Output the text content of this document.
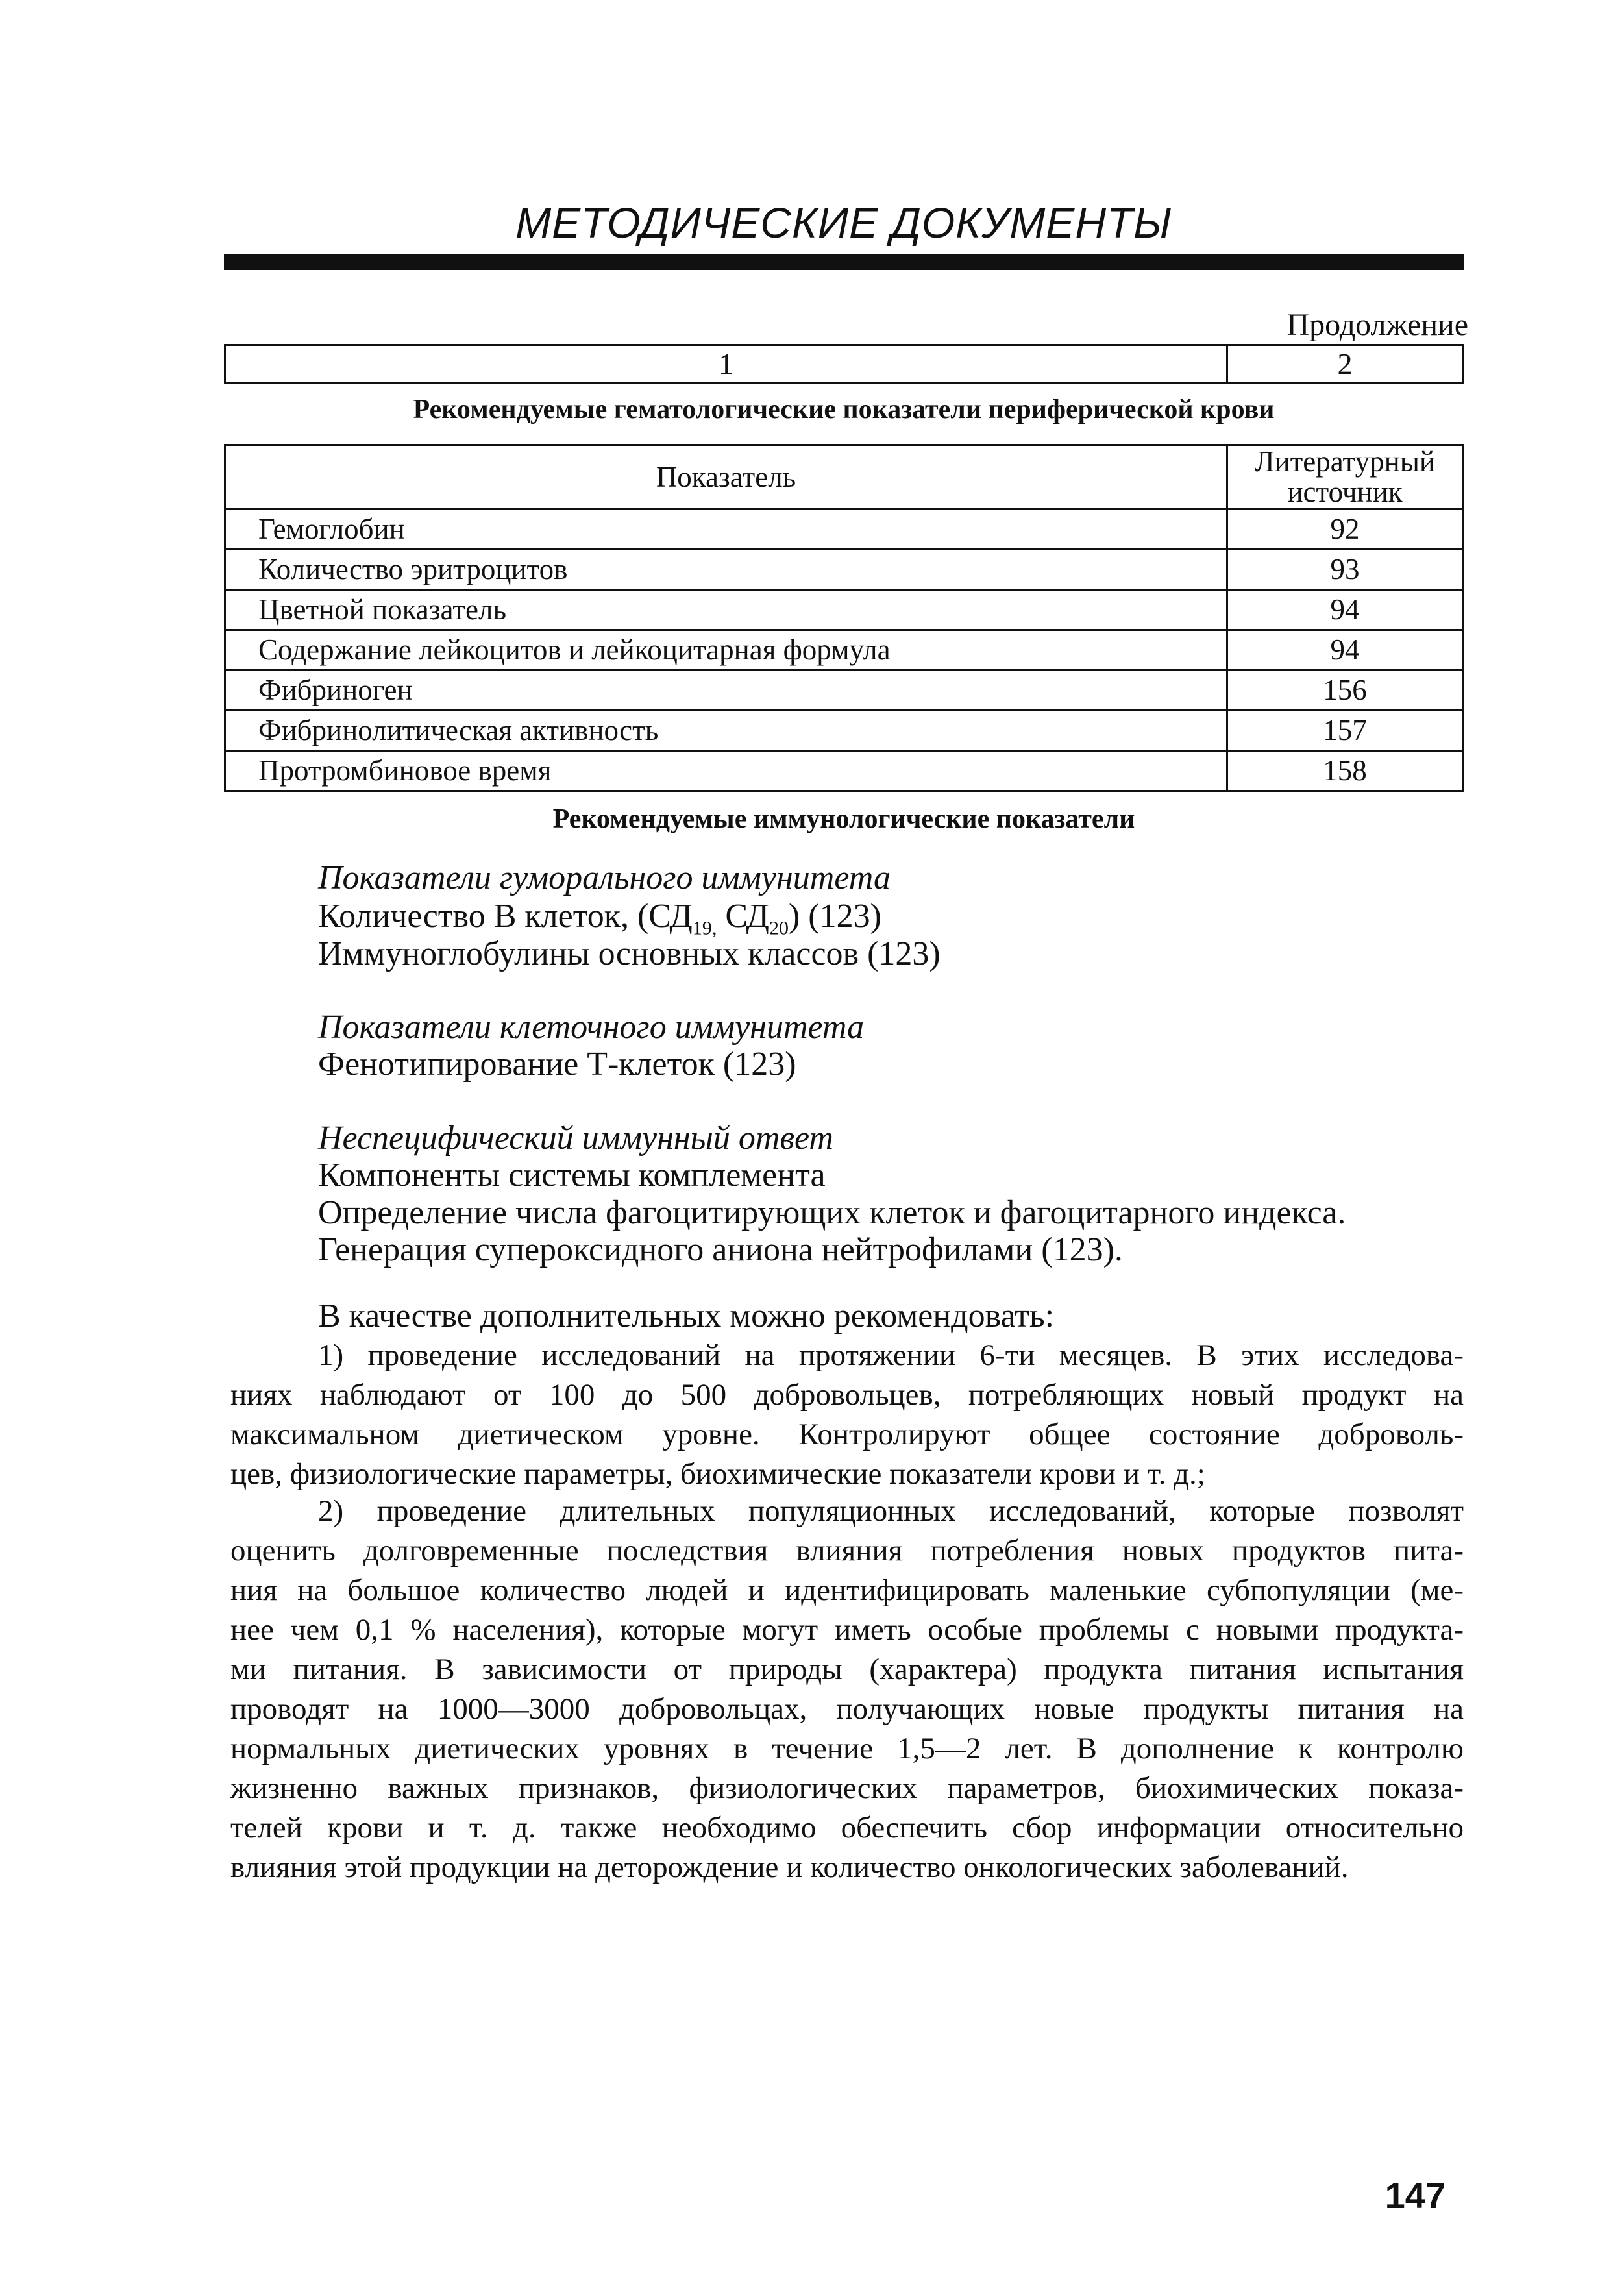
МЕТОДИЧЕСКИЕ ДОКУМЕНТЫ
Продолжение
1	2
Рекомендуемые гематологические показатели периферической крови
Показатель	Литературный
источник
Гемоглобин	92
Количество эритроцитов	93
Цветной показатель	94
Содержание лейкоцитов и лейкоцитарная формула	94
Фибриноген	156
Фибринолитическая активность	157
Протромбиновое время	158
Рекомендуемые иммунологические показатели
Показатели гуморального иммунитета
Количество В клеток, ($СД_{19,}$ $СД_{20}$) (123)
Иммуноглобулины основных классов (123)
Показатели клеточного иммунитета
Фенотипирование Т-клеток (123)
Неспецифический иммунный ответ
Компоненты системы комплемента
Определение числа фагоцитирующих клеток и фагоцитарного индекса.
Генерация супероксидного аниона нейтрофилами (123).
В качестве дополнительных можно рекомендовать:
1) проведение исследований на протяжении 6-ти месяцев. В этих исследова-
ниях наблюдают от 100 до 500 добровольцев, потребляющих новый продукт на
максимальном диетическом уровне. Контролируют общее состояние доброволь-
цев, физиологические параметры, биохимические показатели крови и т. д.;
2) проведение длительных популяционных исследований, которые позволят
оценить долговременные последствия влияния потребления новых продуктов пита-
ния на большое количество людей и идентифицировать маленькие субпопуляции (ме-
нее чем 0,1 % населения), которые могут иметь особые проблемы с новыми продукта-
ми питания. В зависимости от природы (характера) продукта питания испытания
проводят на 1000—3000 добровольцах, получающих новые продукты питания на
нормальных диетических уровнях в течение 1,5—2 лет. В дополнение к контролю
жизненно важных признаков, физиологических параметров, биохимических показа-
телей крови и т. д. также необходимо обеспечить сбор информации относительно
влияния этой продукции на деторождение и количество онкологических заболеваний.
147
